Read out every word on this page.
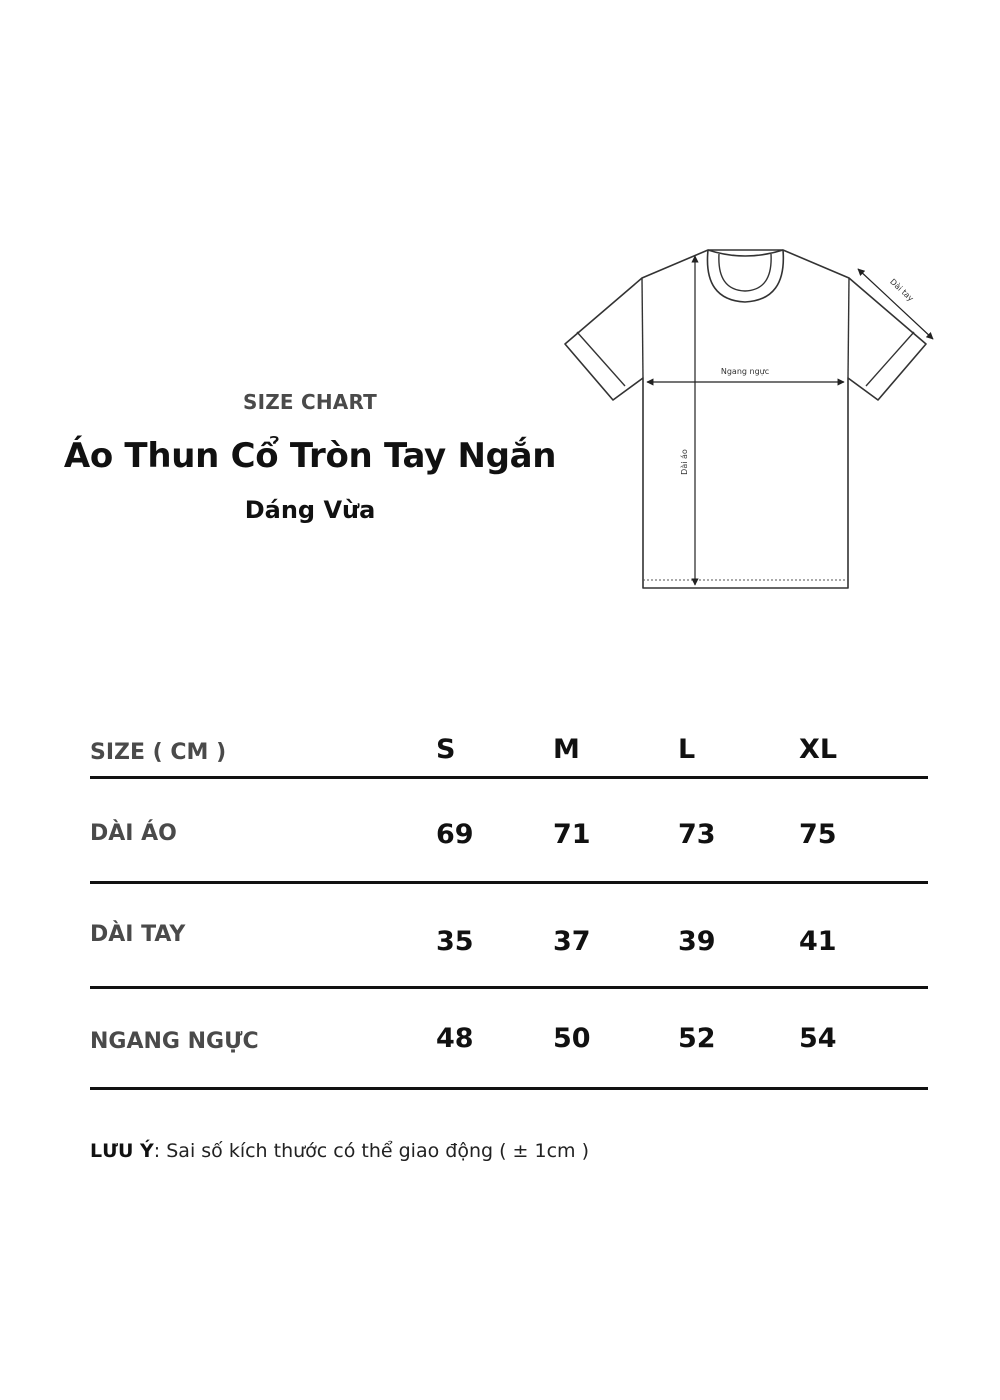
SIZE CHART
Áo Thun Cổ Tròn Tay Ngắn
Dáng Vừa
Ngang ngực
Dài áo
Dài tay
SIZE ( CM )	S	M	L	XL
DÀI ÁO	69	71	73	75
DÀI TAY	35	37	39	41
NGANG NGỰC	48	50	52	54
LƯU Ý: Sai số kích thước có thể giao động ( ± 1cm )
